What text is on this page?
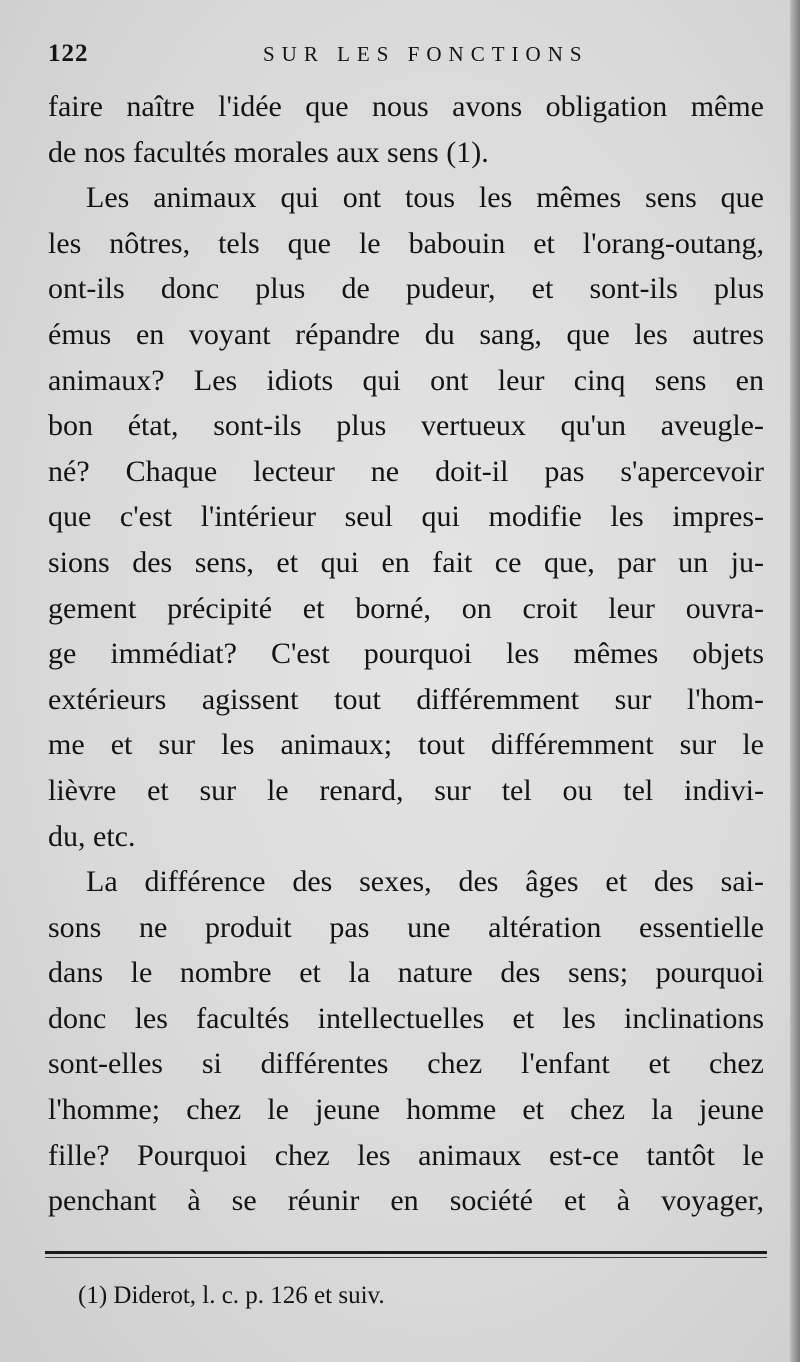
122	SUR LES FONCTIONS
faire naître l'idée que nous avons obligation même
de nos facultés morales aux sens (1).
Les animaux qui ont tous les mêmes sens que
les nôtres, tels que le babouin et l'orang-outang,
ont-ils donc plus de pudeur, et sont-ils plus
émus en voyant répandre du sang, que les autres
animaux? Les idiots qui ont leur cinq sens en
bon état, sont-ils plus vertueux qu'un aveugle-
né? Chaque lecteur ne doit-il pas s'apercevoir
que c'est l'intérieur seul qui modifie les impres-
sions des sens, et qui en fait ce que, par un ju-
gement précipité et borné, on croit leur ouvra-
ge immédiat? C'est pourquoi les mêmes objets
extérieurs agissent tout différemment sur l'hom-
me et sur les animaux; tout différemment sur le
lièvre et sur le renard, sur tel ou tel indivi-
du, etc.
La différence des sexes, des âges et des sai-
sons ne produit pas une altération essentielle
dans le nombre et la nature des sens; pourquoi
donc les facultés intellectuelles et les inclinations
sont-elles si différentes chez l'enfant et chez
l'homme; chez le jeune homme et chez la jeune
fille? Pourquoi chez les animaux est-ce tantôt le
penchant à se réunir en société et à voyager,
(1) Diderot, l. c. p. 126 et suiv.
